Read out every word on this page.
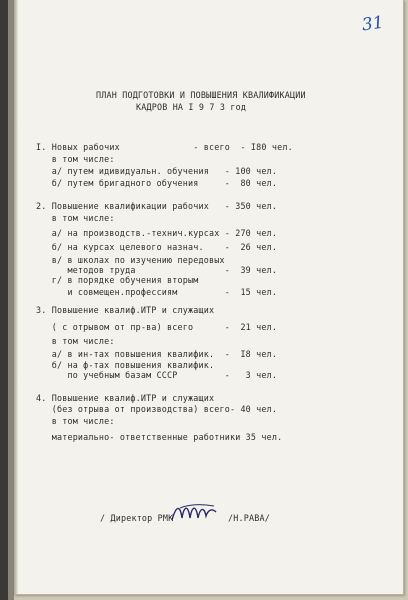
31
ПЛАН ПОДГОТОВКИ И ПОВЫШЕНИЯ КВАЛИФИКАЦИИ
КАДРОВ НА I 9 7 3 год
I. Новых рабочих              - всего  - I80 чел.
в том числе:
а/ путем идивидуальн. обучения   - 100 чел.
б/ путем бригадного обучения     -  80 чел.
2. Повышение квалификации рабочих   - 350 чел.
в том числе:
а/ на производств.-технич.курсах - 270 чел.
б/ на курсах целевого назнач.    -  26 чел.
в/ в школах по изучению передовых
методов труда                 -  39 чел.
г/ в порядке обучения вторым
и совмещен.профессиям         -  15 чел.
3. Повышение квалиф.ИТР и служащих
( с отрывом от пр-ва) всего      -  21 чел.
в том числе:
а/ в ин-тах повышения квалифик.  -  I8 чел.
б/ на ф-тах повышения квалифик.
по учебным базам СССР         -   3 чел.
4. Повышение квалиф.ИТР и служащих
(без отрыва от производства) всего- 40 чел.
в том числе:
материально- ответственные работники 35 чел.
/ Директор РМК	/Н.РАВА/
